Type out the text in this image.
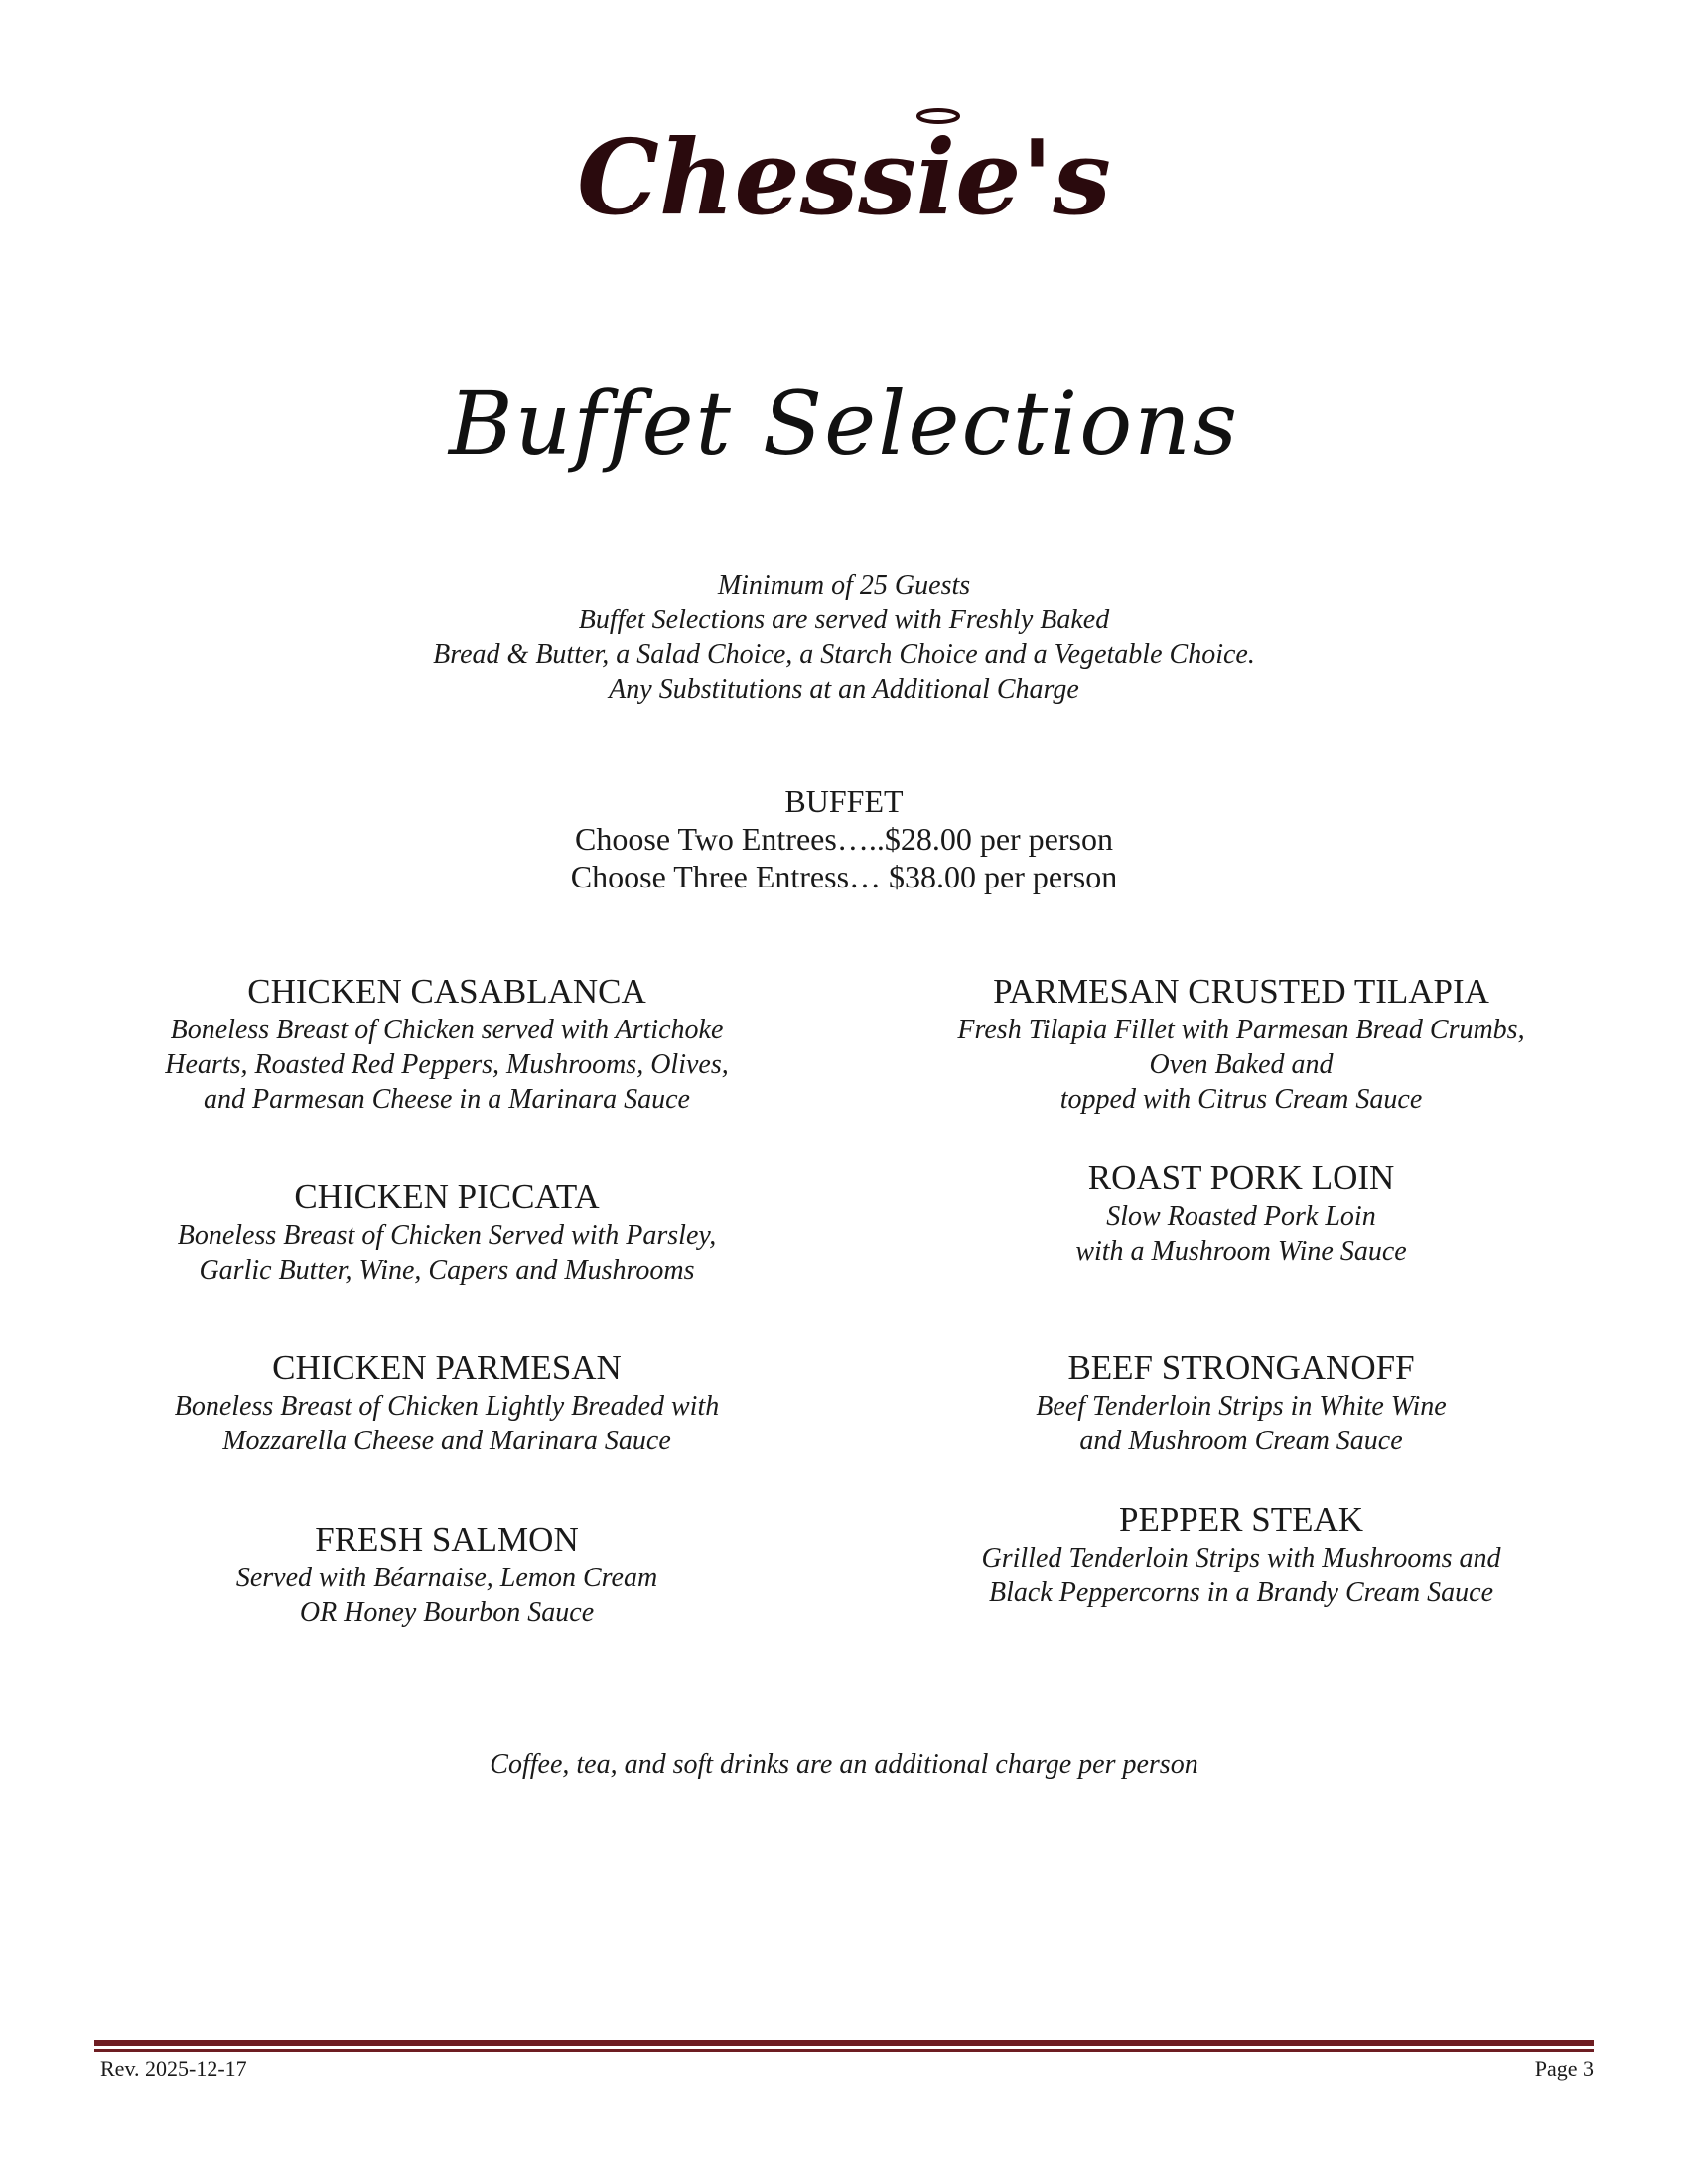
Chessie's
Buffet Selections
Minimum of 25 Guests
Buffet Selections are served with Freshly Baked
Bread & Butter, a Salad Choice, a Starch Choice and a Vegetable Choice.
Any Substitutions at an Additional Charge
BUFFET
Choose Two Entrees…..$28.00 per person
Choose Three Entress… $38.00 per person
CHICKEN CASABLANCA
Boneless Breast of Chicken served with Artichoke
Hearts, Roasted Red Peppers, Mushrooms, Olives,
and Parmesan Cheese in a Marinara Sauce
CHICKEN PICCATA
Boneless Breast of Chicken Served with Parsley,
Garlic Butter, Wine, Capers and Mushrooms
CHICKEN PARMESAN
Boneless Breast of Chicken Lightly Breaded with
Mozzarella Cheese and Marinara Sauce
FRESH SALMON
Served with Béarnaise, Lemon Cream
OR Honey Bourbon Sauce
PARMESAN CRUSTED TILAPIA
Fresh Tilapia Fillet with Parmesan Bread Crumbs,
Oven Baked and
topped with Citrus Cream Sauce
ROAST PORK LOIN
Slow Roasted Pork Loin
with a Mushroom Wine Sauce
BEEF STRONGANOFF
Beef Tenderloin Strips in White Wine
and Mushroom Cream Sauce
PEPPER STEAK
Grilled Tenderloin Strips with Mushrooms and
Black Peppercorns in a Brandy Cream Sauce
Coffee, tea, and soft drinks are an additional charge per person
Rev. 2025-12-17	Page 3
